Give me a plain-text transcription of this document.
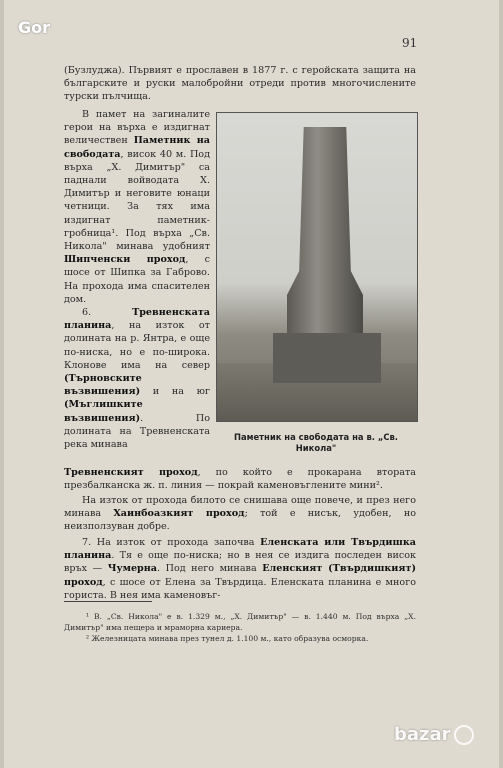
Gor
91

(Бузлуджа). Първият е прославен в 1877 г. с геройската защита на българските и руски малобройни отреди против многочислените турски пълчища.

В памет на загиналите герои на върха е издигнат величествен Паметник на свободата, висок 40 м. Под върха „Х. Димитър" са паднали войводата Х. Димитър и неговите юнаци четници. За тях има издигнат паметник-гробница¹. Под върха „Св. Никола" минава удобният Шипченски проход, с шосе от Шипка за Габрово. На прохода има спасителен дом.

6.	Тревненската планина, на изток от долината на р. Янтра, е още по-ниска, но е по-широка. Клонове има на север (Търновските възвишения) и на юг (Мъглишките възвишения). По долината на Тревненската река минава

Паметник на свободата на в. „Св. Никола"

Тревненският проход, по който е прокарана втората презбалканска ж. п. линия — покрай каменовъглените мини².

На изток от прохода билото се снишава още повече, и през него минава Хаинбоазкият проход; той е нисък, удобен, но неизползуван добре.

7. На изток от прохода започва Еленската или Твърдишка планина. Тя е още по-ниска; но в нея се издига последен висок връх — Чумерна. Под него минава Еленският (Твърдишкият) проход, с шосе от Елена за Твърдица. Еленската планина е много гориста. В нея има каменовъг-

¹ В. „Св. Никола" е в. 1.329 м., „Х. Димитър" — в. 1.440 м. Под върха „Х. Димитър" има пещера и мраморна кариера.

² Железницата минава през тунел д. 1.100 м., като образува осморка.

bazar
